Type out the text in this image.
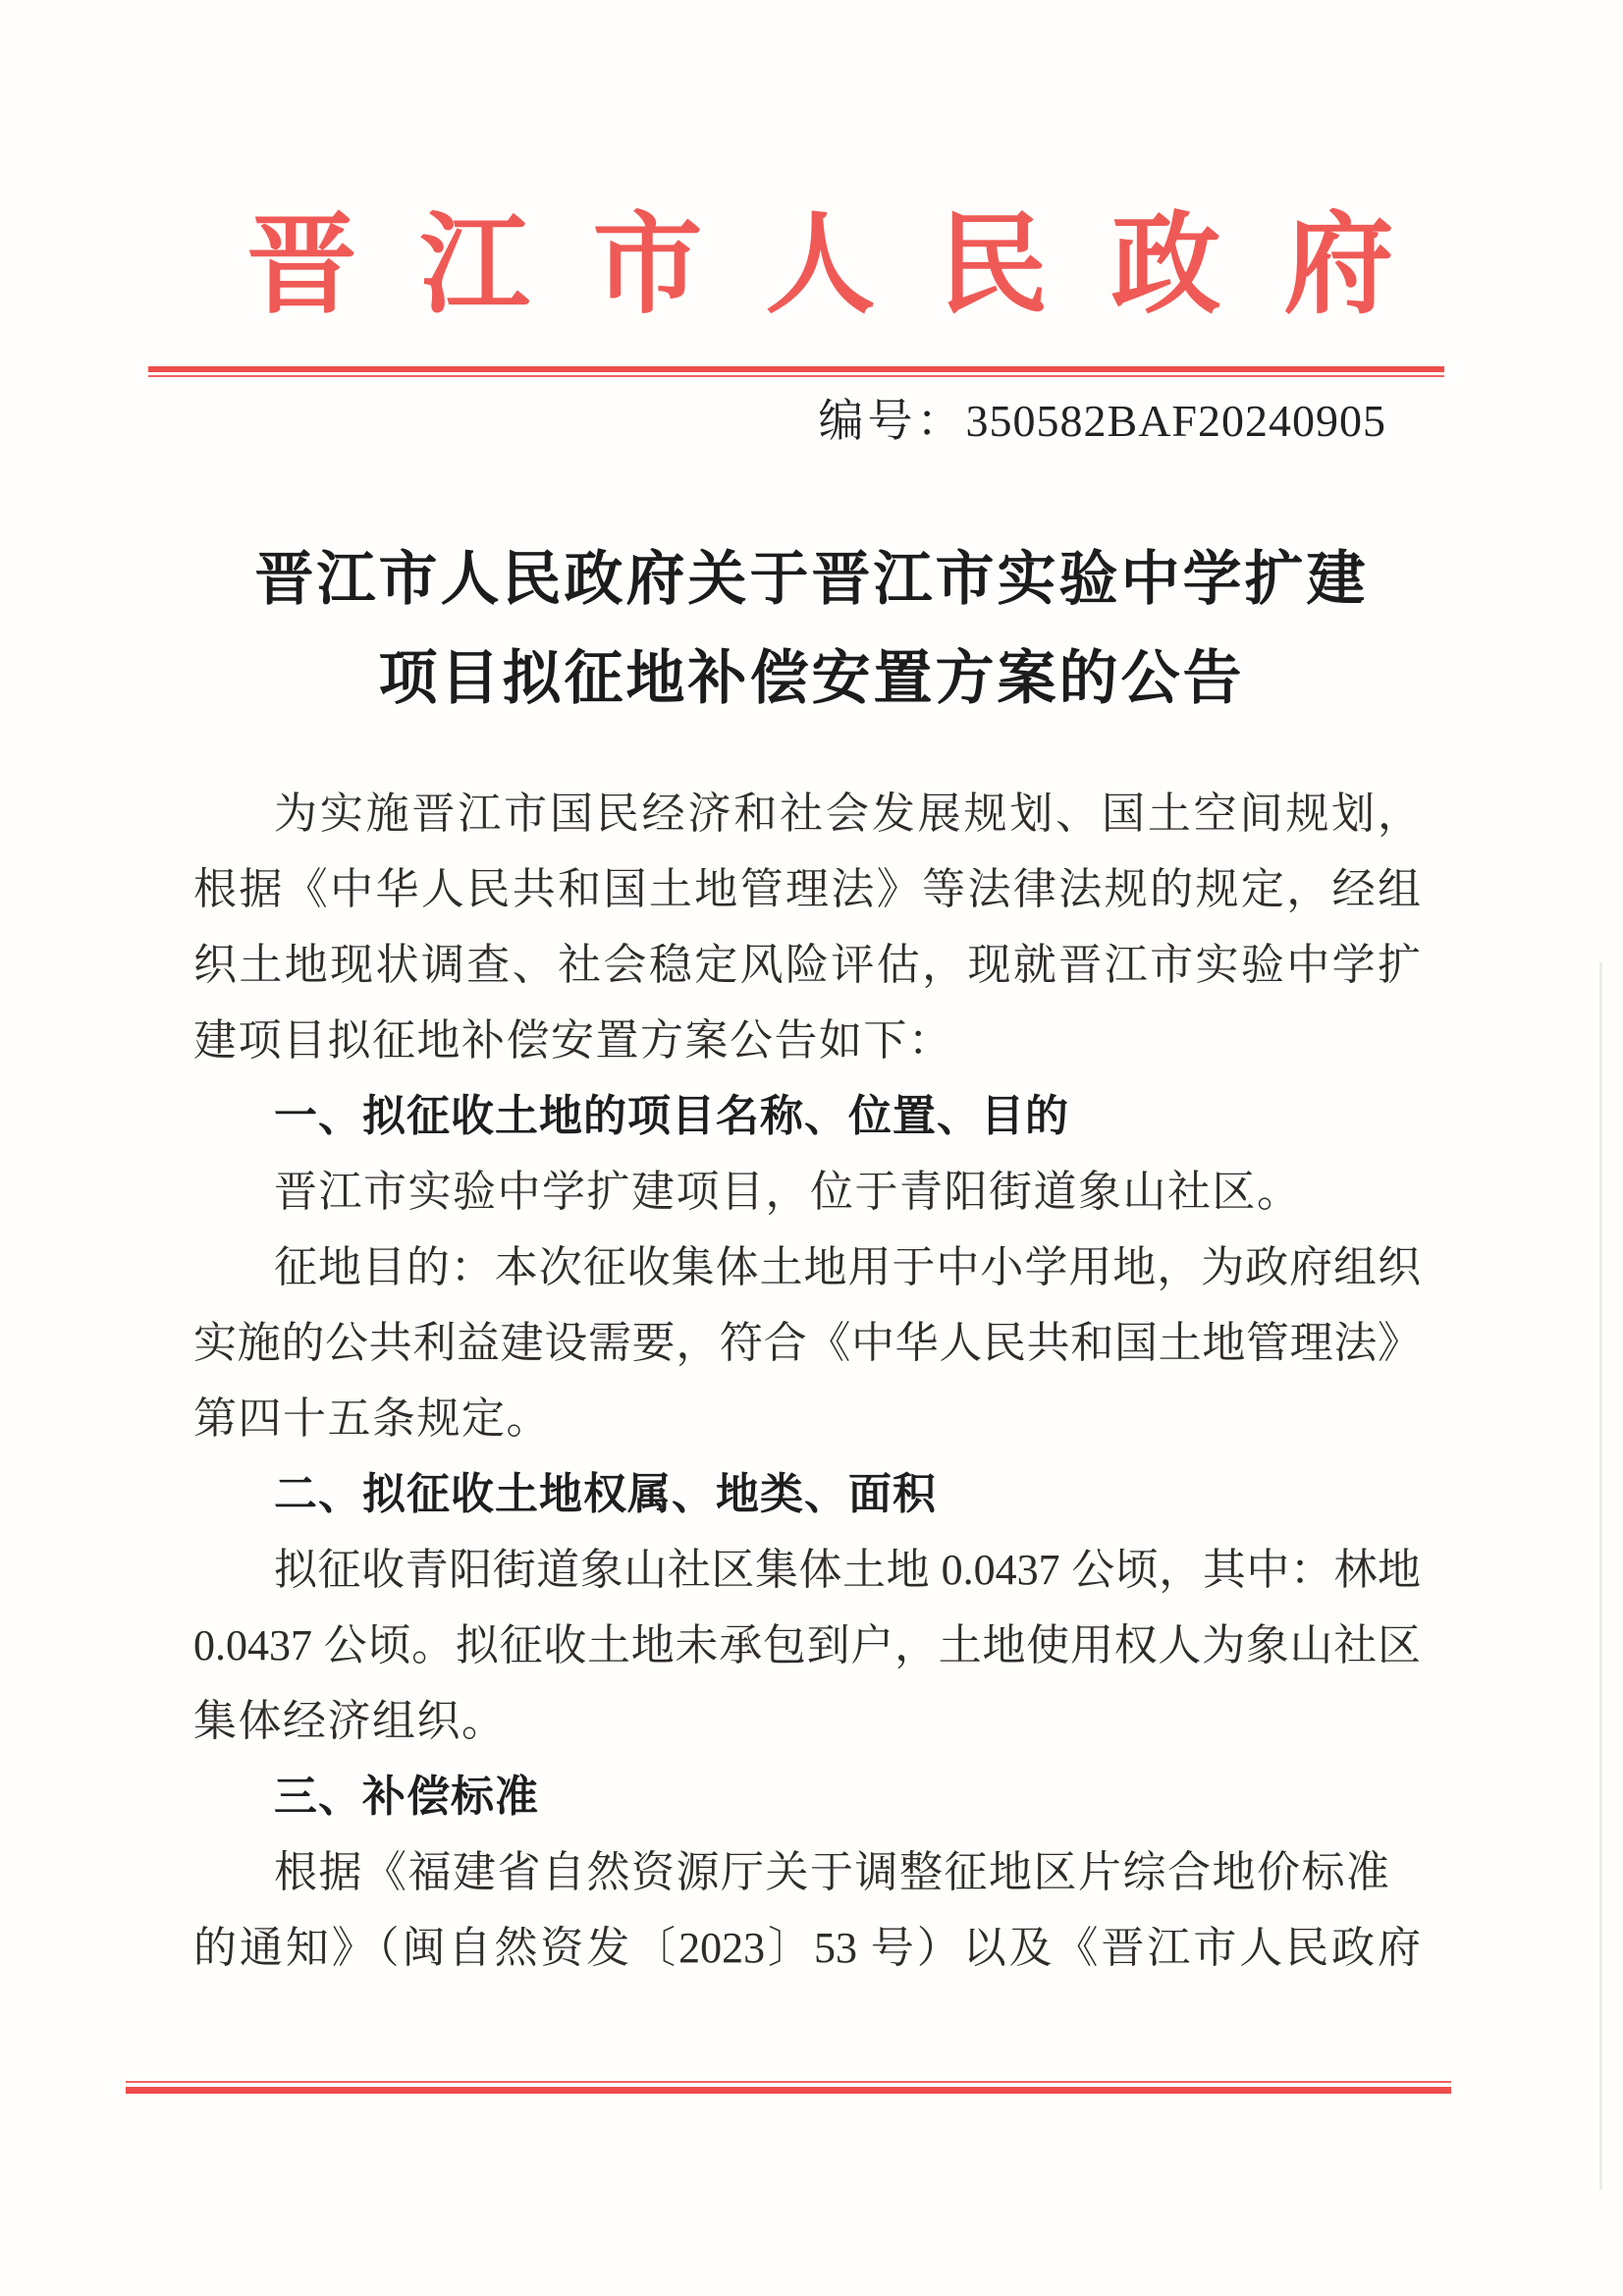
晋 江 市 人 民 政 府
编号：350582BAF20240905
晋江市人民政府关于晋江市实验中学扩建
项目拟征地补偿安置方案的公告
为实施晋江市国民经济和社会发展规划、国土空间规划，
根据《中华人民共和国土地管理法》等法律法规的规定，经组
织土地现状调查、社会稳定风险评估，现就晋江市实验中学扩
建项目拟征地补偿安置方案公告如下：
一、拟征收土地的项目名称、位置、目的
晋江市实验中学扩建项目，位于青阳街道象山社区。
征地目的：本次征收集体土地用于中小学用地，为政府组织
实施的公共利益建设需要，符合《中华人民共和国土地管理法》
第四十五条规定。
二、拟征收土地权属、地类、面积
拟征收青阳街道象山社区集体土地 0.0437 公顷，其中：林地
0.0437 公顷。拟征收土地未承包到户，土地使用权人为象山社区
集体经济组织。
三、补偿标准
根据《福建省自然资源厅关于调整征地区片综合地价标准
的通知》（闽自然资发〔2023〕53 号）以及《晋江市人民政府
